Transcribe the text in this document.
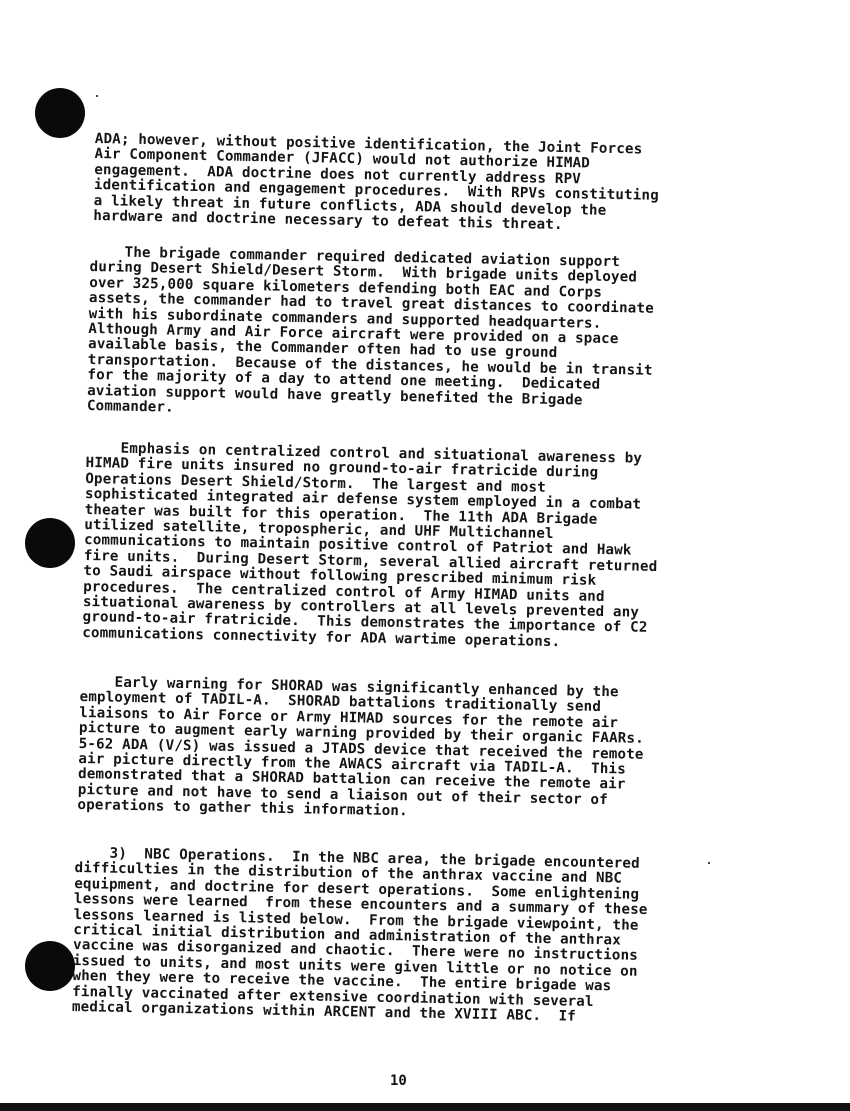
ADA; however, without positive identification, the Joint Forces
Air Component Commander (JFACC) would not authorize HIMAD
engagement.  ADA doctrine does not currently address RPV
identification and engagement procedures.  With RPVs constituting
a likely threat in future conflicts, ADA should develop the
hardware and doctrine necessary to defeat this threat.

The brigade commander required dedicated aviation support
during Desert Shield/Desert Storm.  With brigade units deployed
over 325,000 square kilometers defending both EAC and Corps
assets, the commander had to travel great distances to coordinate
with his subordinate commanders and supported headquarters.
Although Army and Air Force aircraft were provided on a space
available basis, the Commander often had to use ground
transportation.  Because of the distances, he would be in transit
for the majority of a day to attend one meeting.  Dedicated
aviation support would have greatly benefited the Brigade
Commander.

Emphasis on centralized control and situational awareness by
HIMAD fire units insured no ground-to-air fratricide during
Operations Desert Shield/Storm.  The largest and most
sophisticated integrated air defense system employed in a combat
theater was built for this operation.  The 11th ADA Brigade
utilized satellite, tropospheric, and UHF Multichannel
communications to maintain positive control of Patriot and Hawk
fire units.  During Desert Storm, several allied aircraft returned
to Saudi airspace without following prescribed minimum risk
procedures.  The centralized control of Army HIMAD units and
situational awareness by controllers at all levels prevented any
ground-to-air fratricide.  This demonstrates the importance of C2
communications connectivity for ADA wartime operations.

Early warning for SHORAD was significantly enhanced by the
employment of TADIL-A.  SHORAD battalions traditionally send
liaisons to Air Force or Army HIMAD sources for the remote air
picture to augment early warning provided by their organic FAARs.
5-62 ADA (V/S) was issued a JTADS device that received the remote
air picture directly from the AWACS aircraft via TADIL-A.  This
demonstrated that a SHORAD battalion can receive the remote air
picture and not have to send a liaison out of their sector of
operations to gather this information.

3)  NBC Operations.  In the NBC area, the brigade encountered
difficulties in the distribution of the anthrax vaccine and NBC
equipment, and doctrine for desert operations.  Some enlightening
lessons were learned  from these encounters and a summary of these
lessons learned is listed below.  From the brigade viewpoint, the
critical initial distribution and administration of the anthrax
vaccine was disorganized and chaotic.  There were no instructions
issued to units, and most units were given little or no notice on
when they were to receive the vaccine.  The entire brigade was
finally vaccinated after extensive coordination with several
medical organizations within ARCENT and the XVIII ABC.  If

10
